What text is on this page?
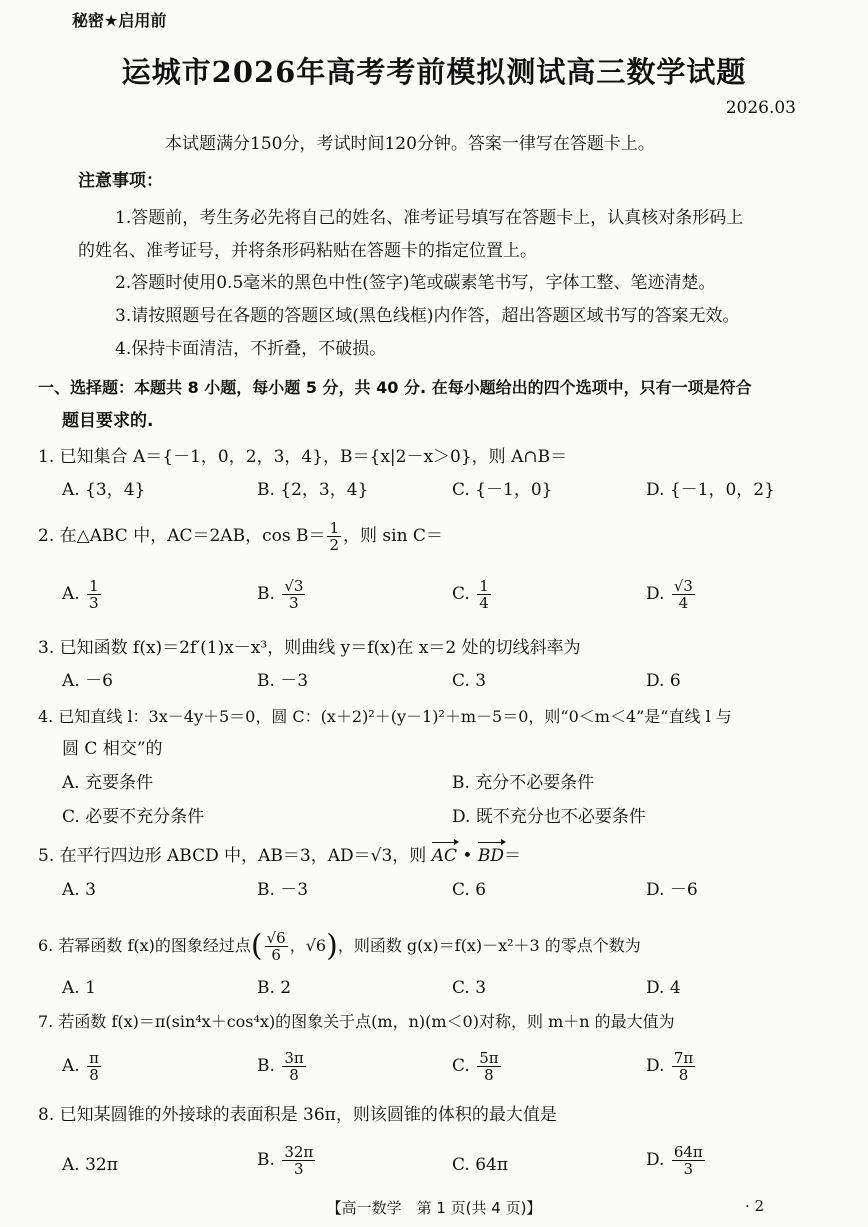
秘密★启用前
运城市2026年高考考前模拟测试高三数学试题
2026.03
本试题满分150分，考试时间120分钟。答案一律写在答题卡上。
注意事项：
1.答题前，考生务必先将自己的姓名、准考证号填写在答题卡上，认真核对条形码上
的姓名、准考证号，并将条形码粘贴在答题卡的指定位置上。
2.答题时使用0.5毫米的黑色中性(签字)笔或碳素笔书写，字体工整、笔迹清楚。
3.请按照题号在各题的答题区域(黑色线框)内作答，超出答题区域书写的答案无效。
4.保持卡面清洁，不折叠，不破损。
一、选择题：本题共 8 小题，每小题 5 分，共 40 分. 在每小题给出的四个选项中，只有一项是符合
题目要求的.
1. 已知集合 A＝{－1，0，2，3，4}，B＝{x|2－x＞0}，则 A∩B＝
A. {3，4}	B. {2，3，4}	C. {－1，0}	D. {－1，0，2}
2. 在△ABC 中，AC＝2AB，$\cos B= \frac{1}{2}$ ，则 sin C＝
A. $\frac{1}{3}$	B. $\frac{√3}{3}$	C. $\frac{1}{4}$	D. $\frac{√3}{4}$
3. 已知函数 f(x)＝2f′(1)x－x³，则曲线 y＝f(x)在 x＝2 处的切线斜率为
A. －6	B. －3	C. 3	D. 6
4. 已知直线 l：3x－4y＋5＝0，圆 C：(x＋2)²＋(y－1)²＋m－5＝0，则“0＜m＜4”是“直线 l 与
圆 C 相交”的
A. 充要条件	B. 充分不必要条件
C. 必要不充分条件	D. 既不充分也不必要条件
5. 在平行四边形 ABCD 中，AB＝3，AD＝√3，则 AC • BD＝
A. 3	B. －3	C. 6	D. －6
6. 若幂函数 f(x)的图象经过点( $\frac{√6}{6}$ ，√6)，则函数 g(x)＝f(x)－x²＋3 的零点个数为
A. 1	B. 2	C. 3	D. 4
7. 若函数 f(x)＝π(sin⁴x＋cos⁴x)的图象关于点(m，n)(m＜0)对称，则 m＋n 的最大值为
A. $\frac{\pi}{8}$	B. $\frac{3\pi}{8}$	C. $\frac{5\pi}{8}$	D. $\frac{7\pi}{8}$
8. 已知某圆锥的外接球的表面积是 36π，则该圆锥的体积的最大值是
A. 32π	B. $\frac{32\pi}{3}$	C. 64π	D. $\frac{64\pi}{3}$
【高一数学　第 1 页(共 4 页)】	· 2
